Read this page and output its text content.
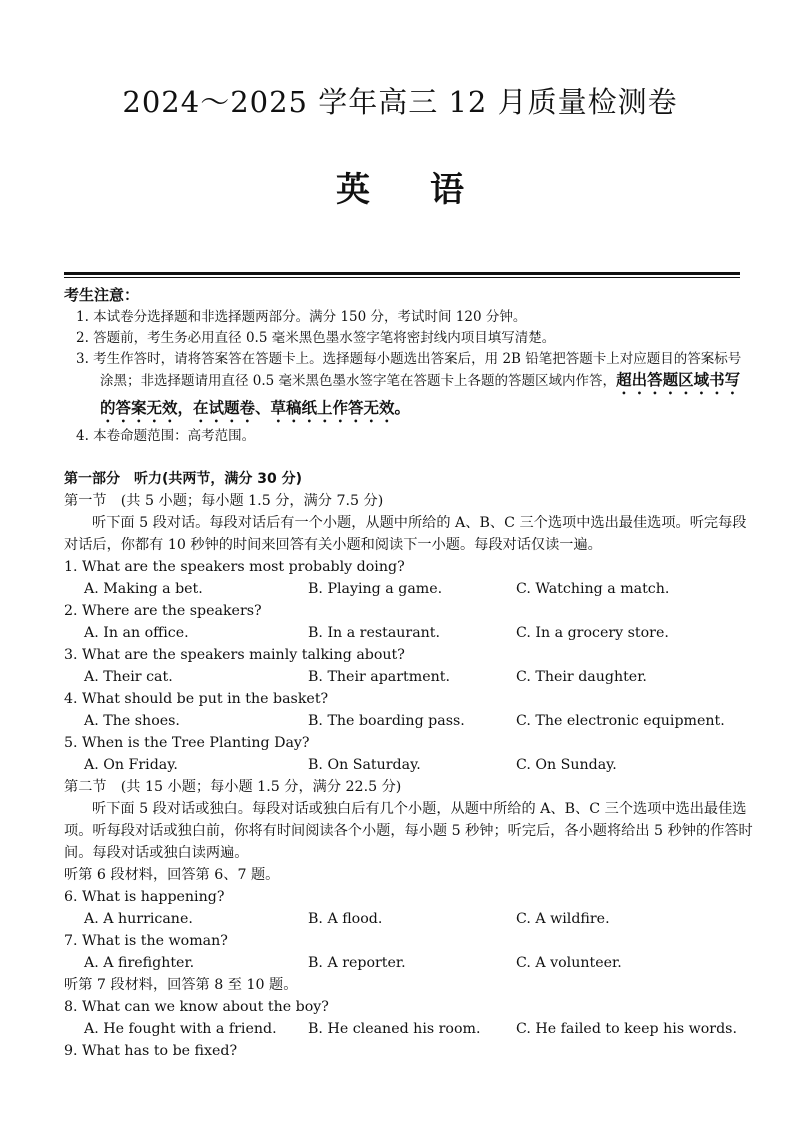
2024～2025 学年高三 12 月质量检测卷
英语
考生注意：
1. 本试卷分选择题和非选择题两部分。满分 150 分，考试时间 120 分钟。
2. 答题前，考生务必用直径 0.5 毫米黑色墨水签字笔将密封线内项目填写清楚。
3. 考生作答时，请将答案答在答题卡上。选择题每小题选出答案后，用 2B 铅笔把答题卡上对应题目的答案标号涂黑；非选择题请用直径 0.5 毫米黑色墨水签字笔在答题卡上各题的答题区域内作答，超出答题区域书写的答案无效，在试题卷、草稿纸上作答无效。
4. 本卷命题范围：高考范围。
第一部分　听力(共两节，满分 30 分)
第一节　(共 5 小题；每小题 1.5 分，满分 7.5 分)
听下面 5 段对话。每段对话后有一个小题，从题中所给的 A、B、C 三个选项中选出最佳选项。听完每段对话后，你都有 10 秒钟的时间来回答有关小题和阅读下一小题。每段对话仅读一遍。
1. What are the speakers most probably doing?
A. Making a bet.	B. Playing a game.	C. Watching a match.
2. Where are the speakers?
A. In an office.	B. In a restaurant.	C. In a grocery store.
3. What are the speakers mainly talking about?
A. Their cat.	B. Their apartment.	C. Their daughter.
4. What should be put in the basket?
A. The shoes.	B. The boarding pass.	C. The electronic equipment.
5. When is the Tree Planting Day?
A. On Friday.	B. On Saturday.	C. On Sunday.
第二节　(共 15 小题；每小题 1.5 分，满分 22.5 分)
听下面 5 段对话或独白。每段对话或独白后有几个小题，从题中所给的 A、B、C 三个选项中选出最佳选项。听每段对话或独白前，你将有时间阅读各个小题，每小题 5 秒钟；听完后，各小题将给出 5 秒钟的作答时间。每段对话或独白读两遍。
听第 6 段材料，回答第 6、7 题。
6. What is happening?
A. A hurricane.	B. A flood.	C. A wildfire.
7. What is the woman?
A. A firefighter.	B. A reporter.	C. A volunteer.
听第 7 段材料，回答第 8 至 10 题。
8. What can we know about the boy?
A. He fought with a friend. B. He cleaned his room.	C. He failed to keep his words.
9. What has to be fixed?
